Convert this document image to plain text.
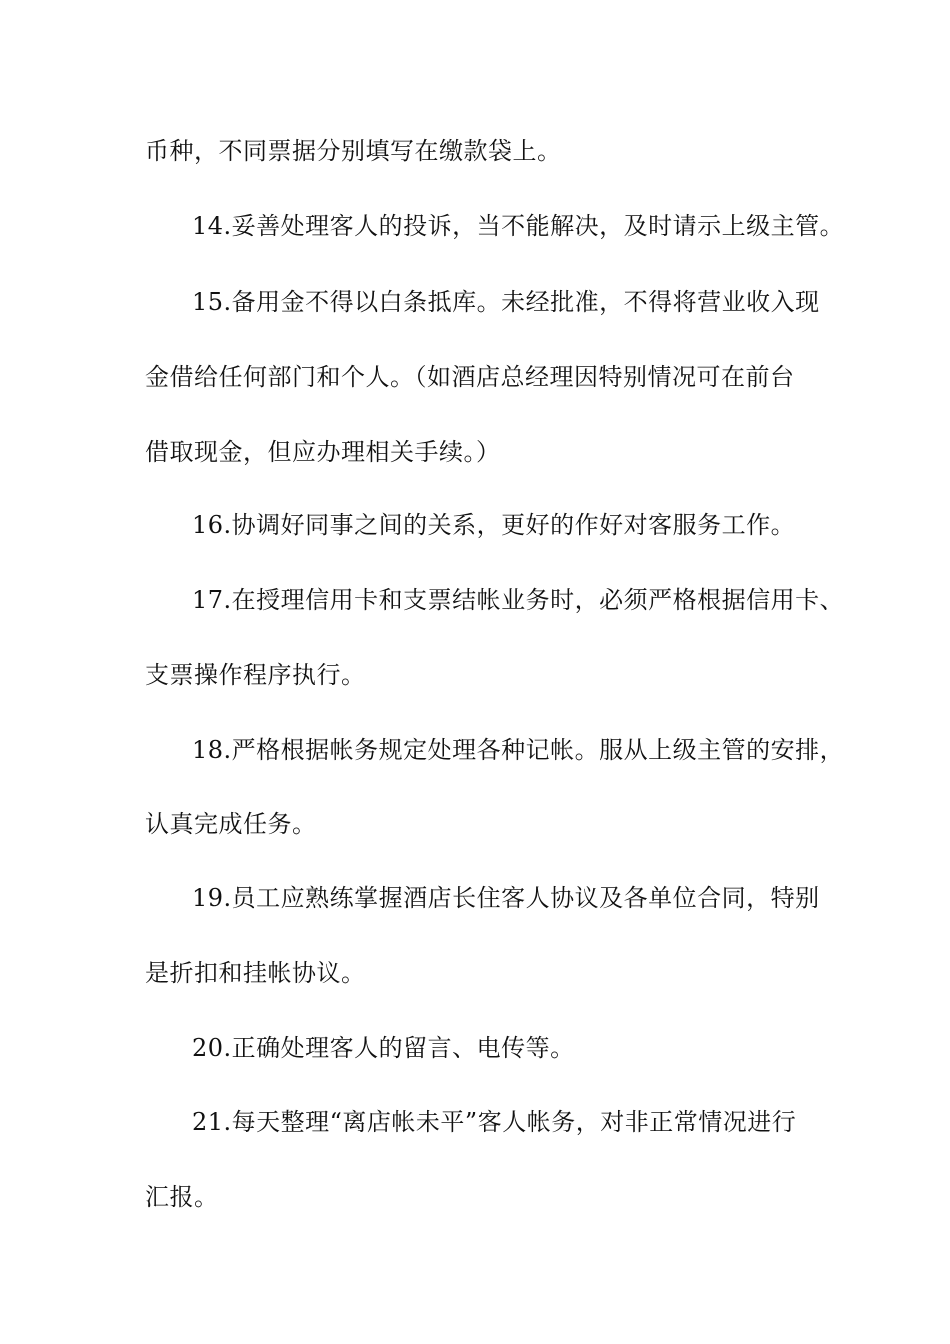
币种，不同票据分别填写在缴款袋上。
14.妥善处理客人的投诉，当不能解决，及时请示上级主管。
15.备用金不得以白条抵库。未经批准，不得将营业收入现
金借给任何部门和个人。（如酒店总经理因特别情况可在前台
借取现金，但应办理相关手续。）
16.协调好同事之间的关系，更好的作好对客服务工作。
17.在授理信用卡和支票结帐业务时，必须严格根据信用卡、
支票操作程序执行。
18.严格根据帐务规定处理各种记帐。服从上级主管的安排，
认真完成任务。
19.员工应熟练掌握酒店长住客人协议及各单位合同，特别
是折扣和挂帐协议。
20.正确处理客人的留言、电传等。
21.每天整理“离店帐未平”客人帐务，对非正常情况进行
汇报。
